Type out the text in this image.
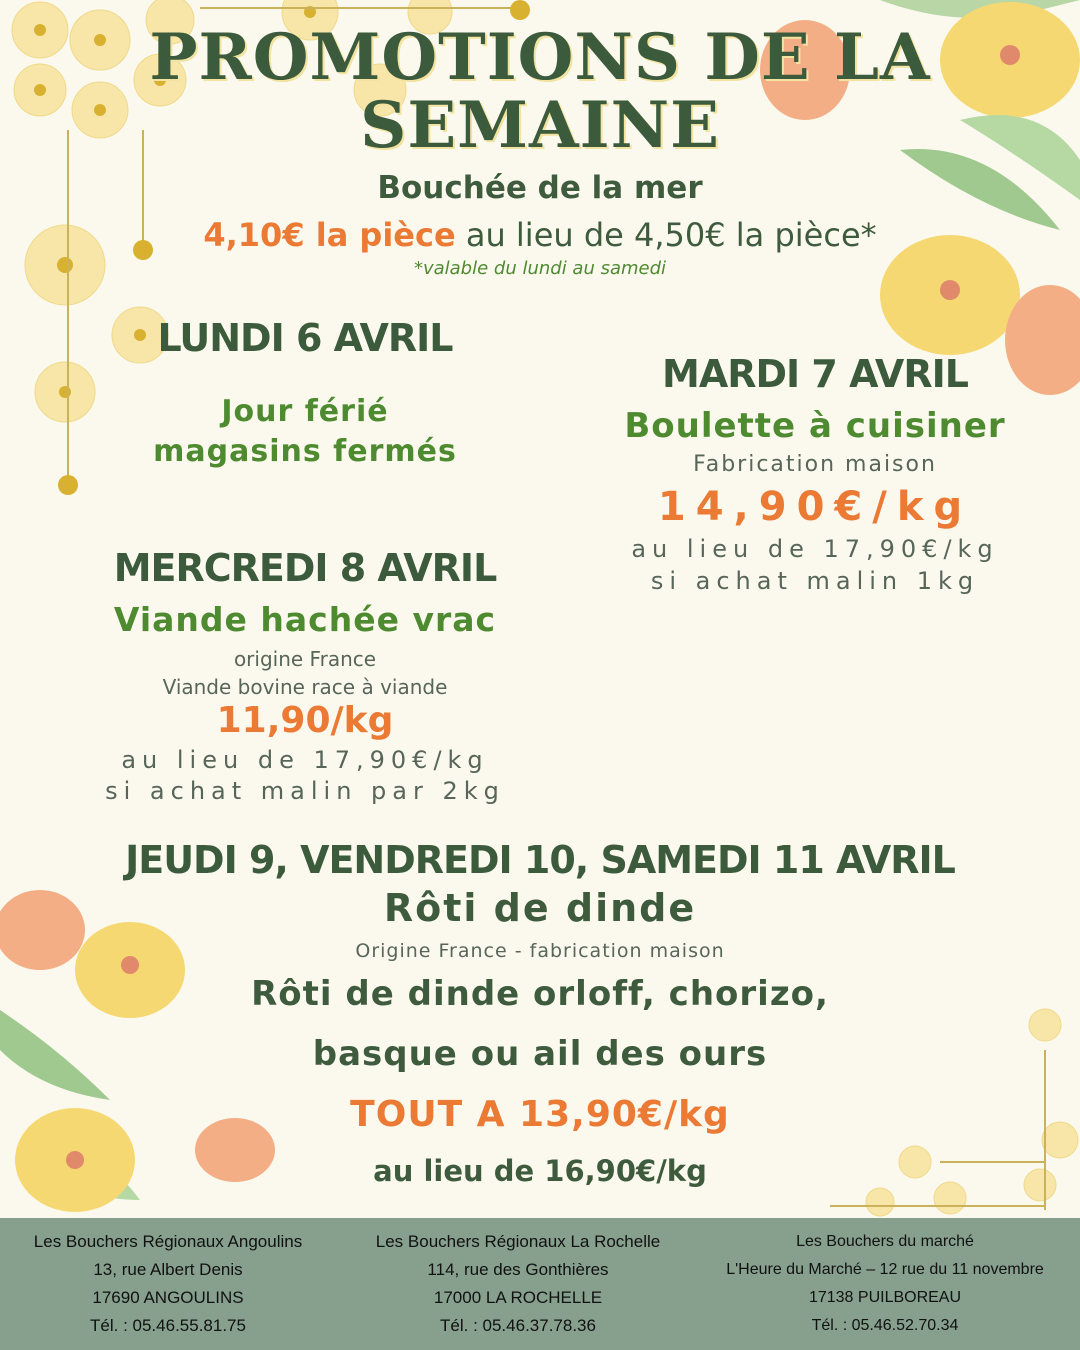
PROMOTIONS DE LA
SEMAINE
Bouchée de la mer
4,10€ la pièce au lieu de 4,50€ la pièce*
*valable du lundi au samedi
LUNDI 6 AVRIL
Jour férié
magasins fermés
MARDI 7 AVRIL
Boulette à cuisiner
Fabrication maison
14,90€/kg
au lieu de 17,90€/kg
si achat malin 1kg
MERCREDI 8 AVRIL
Viande hachée vrac
origine France
Viande bovine race à viande
11,90/kg
au lieu de 17,90€/kg
si achat malin par 2kg
JEUDI 9, VENDREDI 10, SAMEDI 11 AVRIL
Rôti de dinde
Origine France - fabrication maison
Rôti de dinde orloff, chorizo,
basque ou ail des ours
TOUT A 13,90€/kg
au lieu de 16,90€/kg
Les Bouchers Régionaux Angoulins
13, rue Albert Denis
17690 ANGOULINS
Tél. : 05.46.55.81.75
Les Bouchers Régionaux La Rochelle
114, rue des Gonthières
17000 LA ROCHELLE
Tél. : 05.46.37.78.36
Les Bouchers du marché
L'Heure du Marché – 12 rue du 11 novembre
17138 PUILBOREAU
Tél. : 05.46.52.70.34
